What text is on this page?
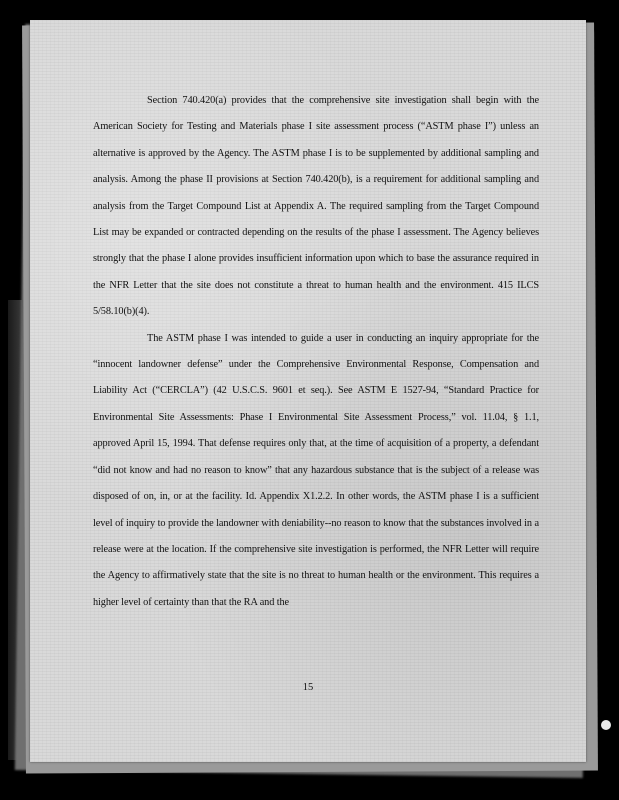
Section 740.420(a) provides that the comprehensive site investigation shall begin with the American Society for Testing and Materials phase I site assessment process (“ASTM phase I”) unless an alternative is approved by the Agency. The ASTM phase I is to be supplemented by additional sampling and analysis. Among the phase II provisions at Section 740.420(b), is a requirement for additional sampling and analysis from the Target Compound List at Appendix A. The required sampling from the Target Compound List may be expanded or contracted depending on the results of the phase I assessment. The Agency believes strongly that the phase I alone provides insufficient information upon which to base the assurance required in the NFR Letter that the site does not constitute a threat to human health and the environment. 415 ILCS 5/58.10(b)(4).

The ASTM phase I was intended to guide a user in conducting an inquiry appropriate for the “innocent landowner defense” under the Comprehensive Environmental Response, Compensation and Liability Act (“CERCLA”) (42 U.S.C.S. 9601 et seq.). See ASTM E 1527-94, “Standard Practice for Environmental Site Assessments: Phase I Environmental Site Assessment Process,” vol. 11.04, § 1.1, approved April 15, 1994. That defense requires only that, at the time of acquisition of a property, a defendant “did not know and had no reason to know” that any hazardous substance that is the subject of a release was disposed of on, in, or at the facility. Id. Appendix X1.2.2. In other words, the ASTM phase I is a sufficient level of inquiry to provide the landowner with deniability--no reason to know that the substances involved in a release were at the location. If the comprehensive site investigation is performed, the NFR Letter will require the Agency to affirmatively state that the site is no threat to human health or the environment. This requires a higher level of certainty than that the RA and the

15
